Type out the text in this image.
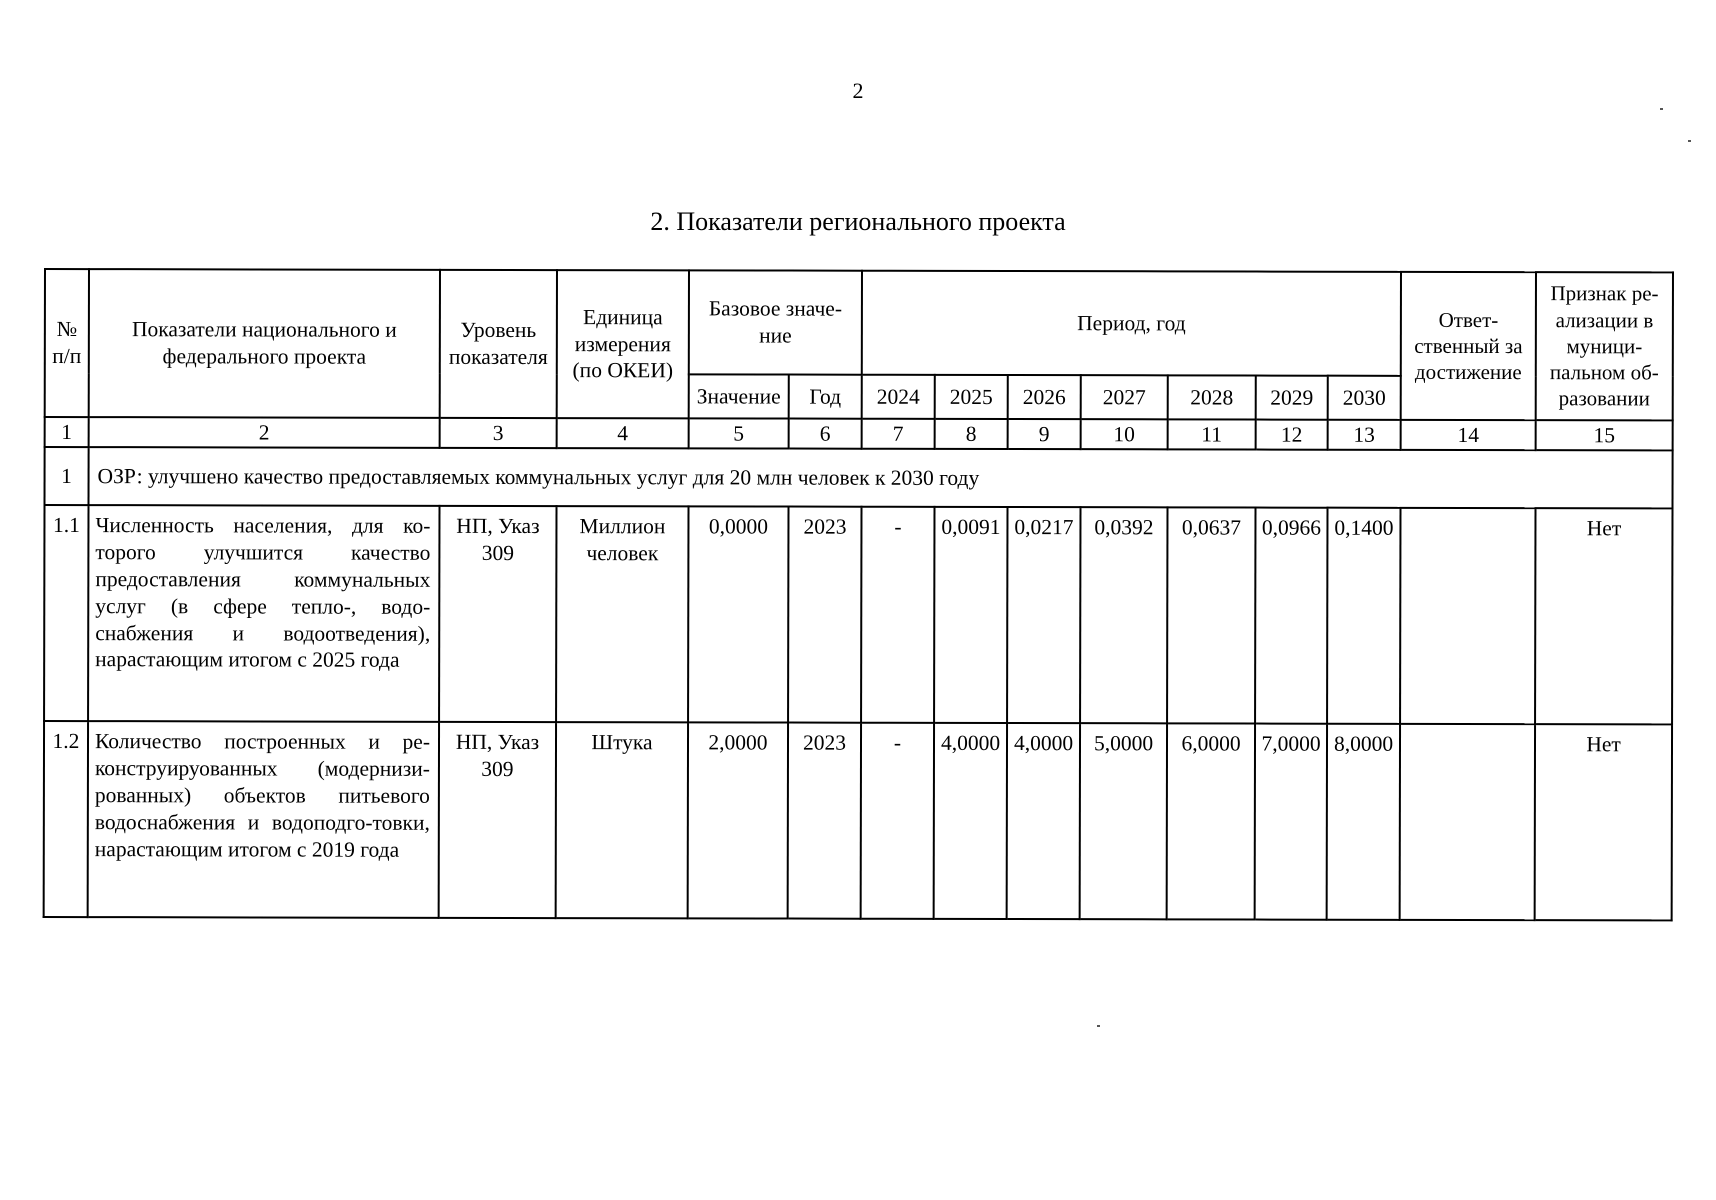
2
2. Показатели регионального проекта
№ п/п	Показатели национального и федерального проекта	Уровень показателя	Единица измерения (по ОКЕИ)	Базовое значе-ние		Период, год							Ответ-ственный за достижение	Признак ре-ализации в муници-пальном об-разовании
				Значение	Год	2024	2025	2026	2027	2028	2029	2030		
1	2	3	4	5	6	7	8	9	10	11	12	13	14	15
1	ОЗР: улучшено качество предоставляемых коммунальных услуг для 20 млн человек к 2030 году													
1.1	Численность населения, для ко-торого улучшится качество предоставления коммунальных услуг (в сфере тепло-, водо-снабжения и водоотведения), нарастающим итогом с 2025 года	НП, Указ 309	Миллион человек	0,0000	2023	-	0,0091	0,0217	0,0392	0,0637	0,0966	0,1400		Нет
1.2	Количество построенных и ре-конструируованных (модернизи-рованных) объектов питьевого водоснабжения и водоподго-товки, нарастающим итогом с 2019 года	НП, Указ 309	Штука	2,0000	2023	-	4,0000	4,0000	5,0000	6,0000	7,0000	8,0000		Нет
